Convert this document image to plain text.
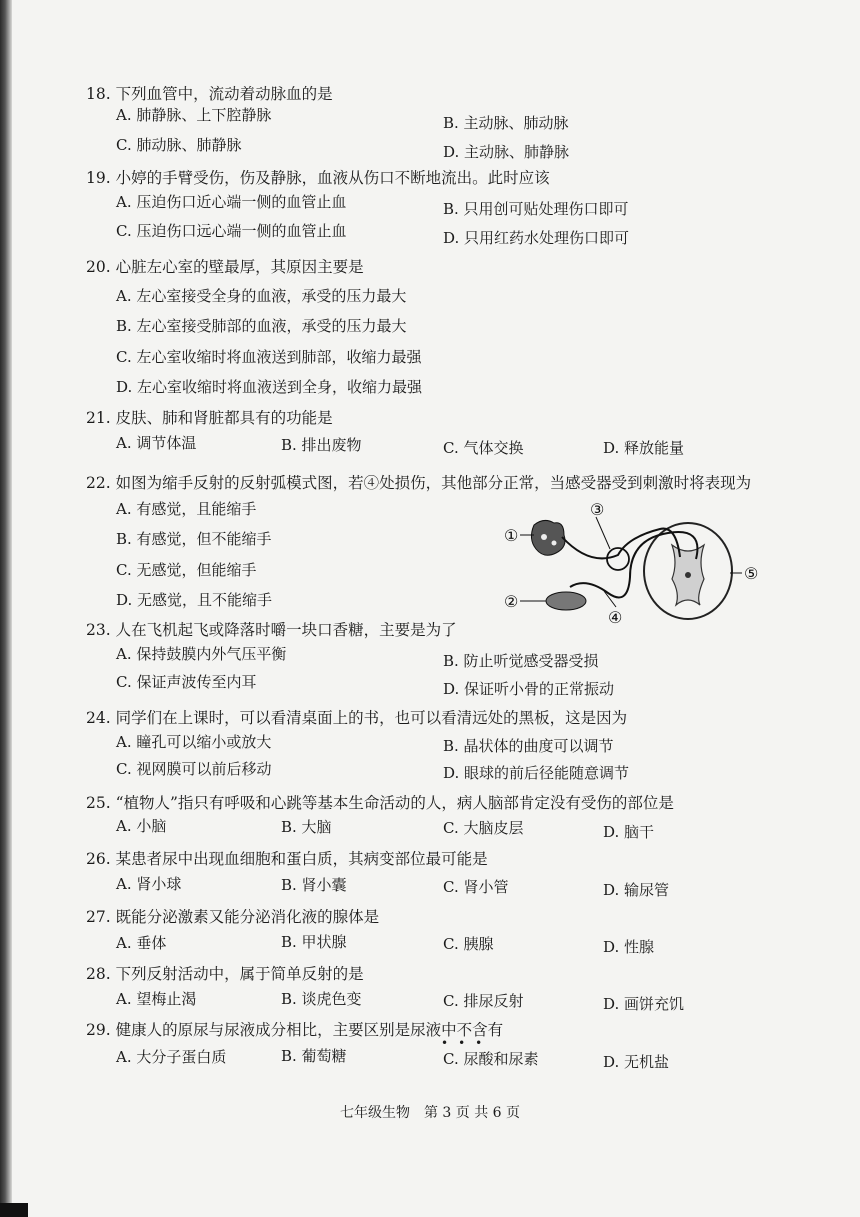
18. 下列血管中，流动着动脉血的是
A. 肺静脉、上下腔静脉	B. 主动脉、肺动脉
C. 肺动脉、肺静脉	D. 主动脉、肺静脉
19. 小婷的手臂受伤，伤及静脉，血液从伤口不断地流出。此时应该
A. 压迫伤口近心端一侧的血管止血	B. 只用创可贴处理伤口即可
C. 压迫伤口远心端一侧的血管止血	D. 只用红药水处理伤口即可
20. 心脏左心室的壁最厚，其原因主要是
A. 左心室接受全身的血液，承受的压力最大
B. 左心室接受肺部的血液，承受的压力最大
C. 左心室收缩时将血液送到肺部，收缩力最强
D. 左心室收缩时将血液送到全身，收缩力最强
21. 皮肤、肺和肾脏都具有的功能是
A. 调节体温	B. 排出废物	C. 气体交换	D. 释放能量
22. 如图为缩手反射的反射弧模式图，若④处损伤，其他部分正常，当感受器受到刺激时将表现为
A. 有感觉，且能缩手
B. 有感觉，但不能缩手
C. 无感觉，但能缩手
D. 无感觉，且不能缩手
①
②
③
④
⑤
23. 人在飞机起飞或降落时嚼一块口香糖，主要是为了
A. 保持鼓膜内外气压平衡	B. 防止听觉感受器受损
C. 保证声波传至内耳	D. 保证听小骨的正常振动
24. 同学们在上课时，可以看清桌面上的书，也可以看清远处的黑板，这是因为
A. 瞳孔可以缩小或放大	B. 晶状体的曲度可以调节
C. 视网膜可以前后移动	D. 眼球的前后径能随意调节
25. “植物人”指只有呼吸和心跳等基本生命活动的人，病人脑部肯定没有受伤的部位是
A. 小脑	B. 大脑	C. 大脑皮层	D. 脑干
26. 某患者尿中出现血细胞和蛋白质，其病变部位最可能是
A. 肾小球	B. 肾小囊	C. 肾小管	D. 输尿管
27. 既能分泌激素又能分泌消化液的腺体是
A. 垂体	B. 甲状腺	C. 胰腺	D. 性腺
28. 下列反射活动中，属于简单反射的是
A. 望梅止渴	B. 谈虎色变	C. 排尿反射	D. 画饼充饥
29. 健康人的原尿与尿液成分相比，主要区别是尿液中不含有
•••
A. 大分子蛋白质	B. 葡萄糖	C. 尿酸和尿素	D. 无机盐
七年级生物　第 3 页 共 6 页
